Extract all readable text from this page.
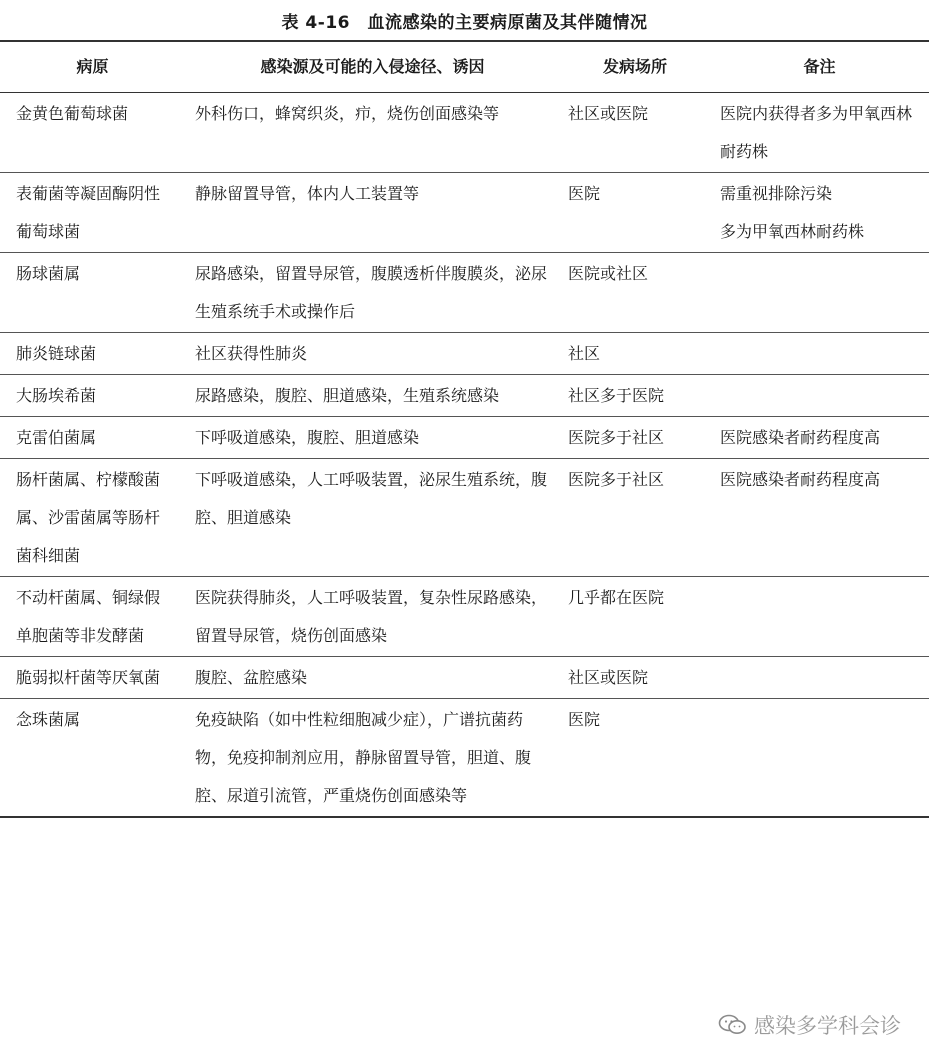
表 4-16　血流感染的主要病原菌及其伴随情况
病原	感染源及可能的入侵途径、诱因	发病场所	备注
金黄色葡萄球菌	外科伤口，蜂窝织炎，疖，烧伤创面感染等	社区或医院	医院内获得者多为甲氧西林耐药株

表葡菌等凝固酶阴性葡萄球菌	静脉留置导管，体内人工装置等	医院	需重视排除污染
多为甲氧西林耐药株

肠球菌属	尿路感染，留置导尿管，腹膜透析伴腹膜炎，泌尿生殖系统手术或操作后	医院或社区	
肺炎链球菌	社区获得性肺炎	社区	
大肠埃希菌	尿路感染，腹腔、胆道感染，生殖系统感染	社区多于医院	
克雷伯菌属	下呼吸道感染，腹腔、胆道感染	医院多于社区	医院感染者耐药程度高

肠杆菌属、柠檬酸菌属、沙雷菌属等肠杆菌科细菌	下呼吸道感染，人工呼吸装置，泌尿生殖系统，腹腔、胆道感染	医院多于社区	医院感染者耐药程度高

不动杆菌属、铜绿假单胞菌等非发酵菌	医院获得肺炎，人工呼吸装置，复杂性尿路感染，留置导尿管，烧伤创面感染	几乎都在医院	
脆弱拟杆菌等厌氧菌	腹腔、盆腔感染	社区或医院	
念珠菌属	免疫缺陷（如中性粒细胞减少症），广谱抗菌药物，免疫抑制剂应用，静脉留置导管，胆道、腹腔、尿道引流管，严重烧伤创面感染等	医院	
感染多学科会诊
